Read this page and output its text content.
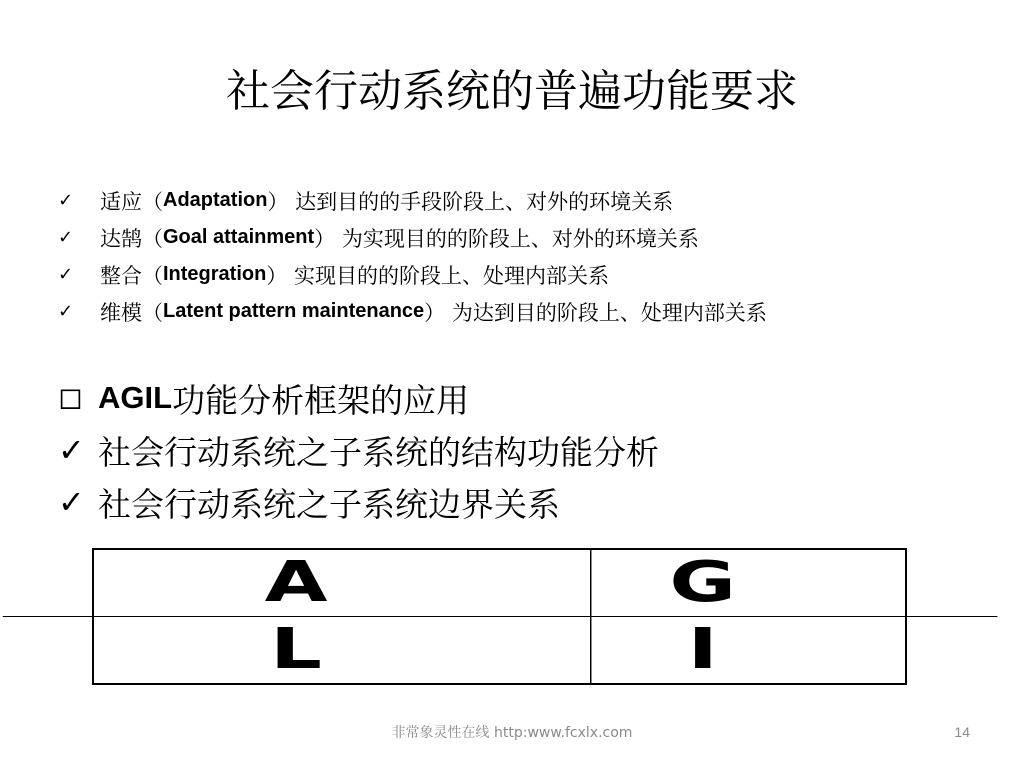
社会行动系统的普遍功能要求
✓	适应（ Adaptation ） 达到目的的手段阶段上、对外的环境关系
✓	达鹄（ Goal attainment ） 为实现目的的阶段上、对外的环境关系
✓	整合（ Integration ） 实现目的的阶段上、处理内部关系
✓	维模（ Latent pattern maintenance ） 为达到目的阶段上、处理内部关系
◻ AGIL 功能分析框架的应用
✓ 社会行动系统之子系统的结构功能分析
✓ 社会行动系统之子系统边界关系
A	G
L	I
非常象灵性在线 http:www.fcxlx.com	14
